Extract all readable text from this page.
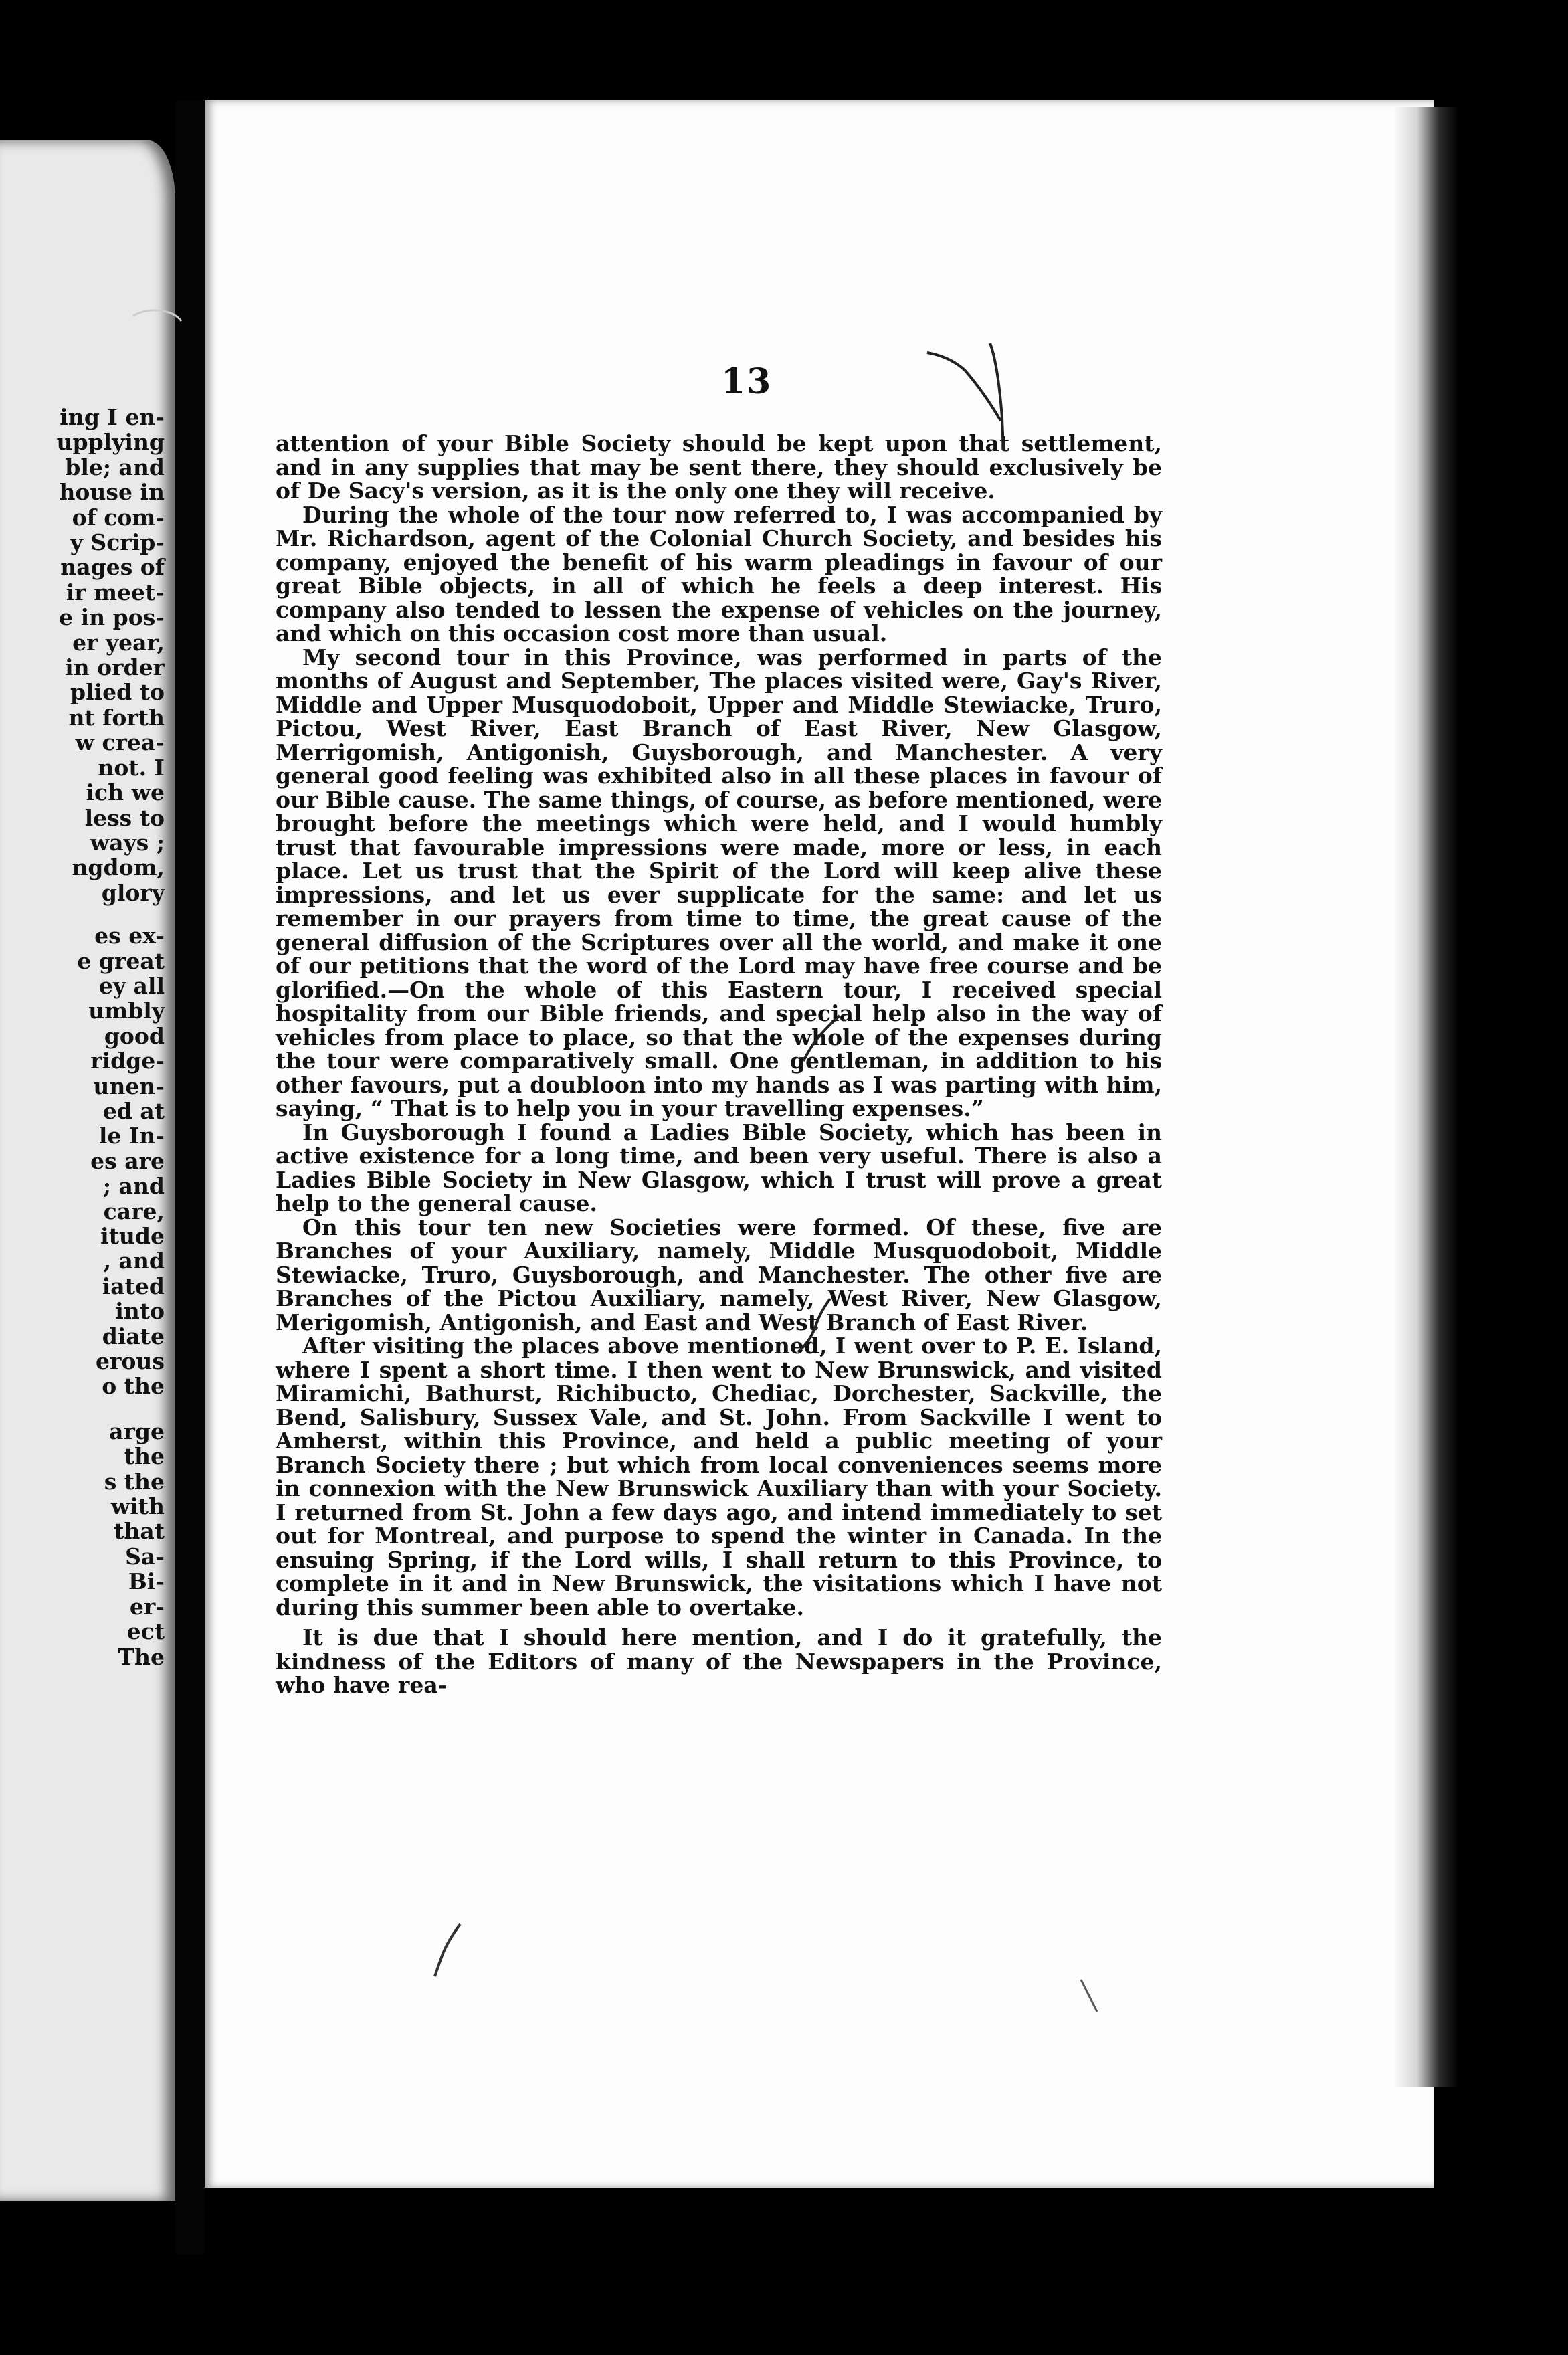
ing I en-
upplying
ble; and
house in
of com-
y Scrip-
nages of
ir meet-
e in pos-
er year,
in order
plied to
nt forth
w crea-
not. I
ich we
less to
ways ;
ngdom,
glory
es ex-
e great
ey all
umbly
good
ridge-
unen-
ed at
le In-
es are
; and
care,
itude
, and
iated
into
diate
erous
o the
arge
the
s the
with
that
Sa-
Bi-
er-
ect
The
13

attention of your Bible Society should be kept upon that settlement, and in any supplies that may be sent there, they should exclusively be of De Sacy's version, as it is the only one they will receive.

During the whole of the tour now referred to, I was accompanied by Mr. Richardson, agent of the Colonial Church Society, and besides his company, enjoyed the benefit of his warm pleadings in favour of our great Bible objects, in all of which he feels a deep interest. His company also tended to lessen the expense of vehicles on the journey, and which on this occasion cost more than usual.

My second tour in this Province, was performed in parts of the months of August and September, The places visited were, Gay's River, Middle and Upper Musquodoboit, Upper and Middle Stewiacke, Truro, Pictou, West River, East Branch of East River, New Glasgow, Merrigomish, Antigonish, Guysborough, and Manchester. A very general good feeling was exhibited also in all these places in favour of our Bible cause. The same things, of course, as before mentioned, were brought before the meetings which were held, and I would humbly trust that favourable impressions were made, more or less, in each place. Let us trust that the Spirit of the Lord will keep alive these impressions, and let us ever supplicate for the same: and let us remember in our prayers from time to time, the great cause of the general diffusion of the Scriptures over all the world, and make it one of our petitions that the word of the Lord may have free course and be glorified.—On the whole of this Eastern tour, I received special hospitality from our Bible friends, and special help also in the way of vehicles from place to place, so that the whole of the expenses during the tour were comparatively small. One gentleman, in addition to his other favours, put a doubloon into my hands as I was parting with him, saying, “ That is to help you in your travelling expenses.”

In Guysborough I found a Ladies Bible Society, which has been in active existence for a long time, and been very useful. There is also a Ladies Bible Society in New Glasgow, which I trust will prove a great help to the general cause.

On this tour ten new Societies were formed. Of these, five are Branches of your Auxiliary, namely, Middle Musquodoboit, Middle Stewiacke, Truro, Guysborough, and Manchester. The other five are Branches of the Pictou Auxiliary, namely, West River, New Glasgow, Merigomish, Antigonish, and East and West Branch of East River.

After visiting the places above mentioned, I went over to P. E. Island, where I spent a short time. I then went to New Brunswick, and visited Miramichi, Bathurst, Richibucto, Chediac, Dorchester, Sackville, the Bend, Salisbury, Sussex Vale, and St. John. From Sackville I went to Amherst, within this Province, and held a public meeting of your Branch Society there ; but which from local conveniences seems more in connexion with the New Brunswick Auxiliary than with your Society. I returned from St. John a few days ago, and intend immediately to set out for Montreal, and purpose to spend the winter in Canada. In the ensuing Spring, if the Lord wills, I shall return to this Province, to complete in it and in New Brunswick, the visitations which I have not during this summer been able to overtake.

It is due that I should here mention, and I do it gratefully, the kindness of the Editors of many of the Newspapers in the Province, who have rea-
